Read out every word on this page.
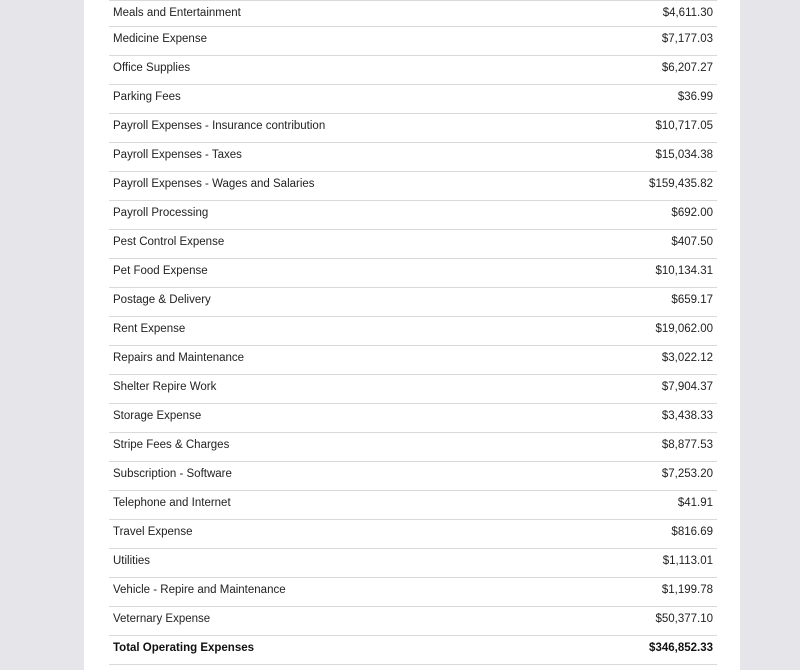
Meals and Entertainment	$4,611.30
Medicine Expense	$7,177.03
Office Supplies	$6,207.27
Parking Fees	$36.99
Payroll Expenses - Insurance contribution	$10,717.05
Payroll Expenses - Taxes	$15,034.38
Payroll Expenses - Wages and Salaries	$159,435.82
Payroll Processing	$692.00
Pest Control Expense	$407.50
Pet Food Expense	$10,134.31
Postage & Delivery	$659.17
Rent Expense	$19,062.00
Repairs and Maintenance	$3,022.12
Shelter Repire Work	$7,904.37
Storage Expense	$3,438.33
Stripe Fees & Charges	$8,877.53
Subscription - Software	$7,253.20
Telephone and Internet	$41.91
Travel Expense	$816.69
Utilities	$1,113.01
Vehicle - Repire and Maintenance	$1,199.78
Veternary Expense	$50,377.10
Total Operating Expenses	$346,852.33
